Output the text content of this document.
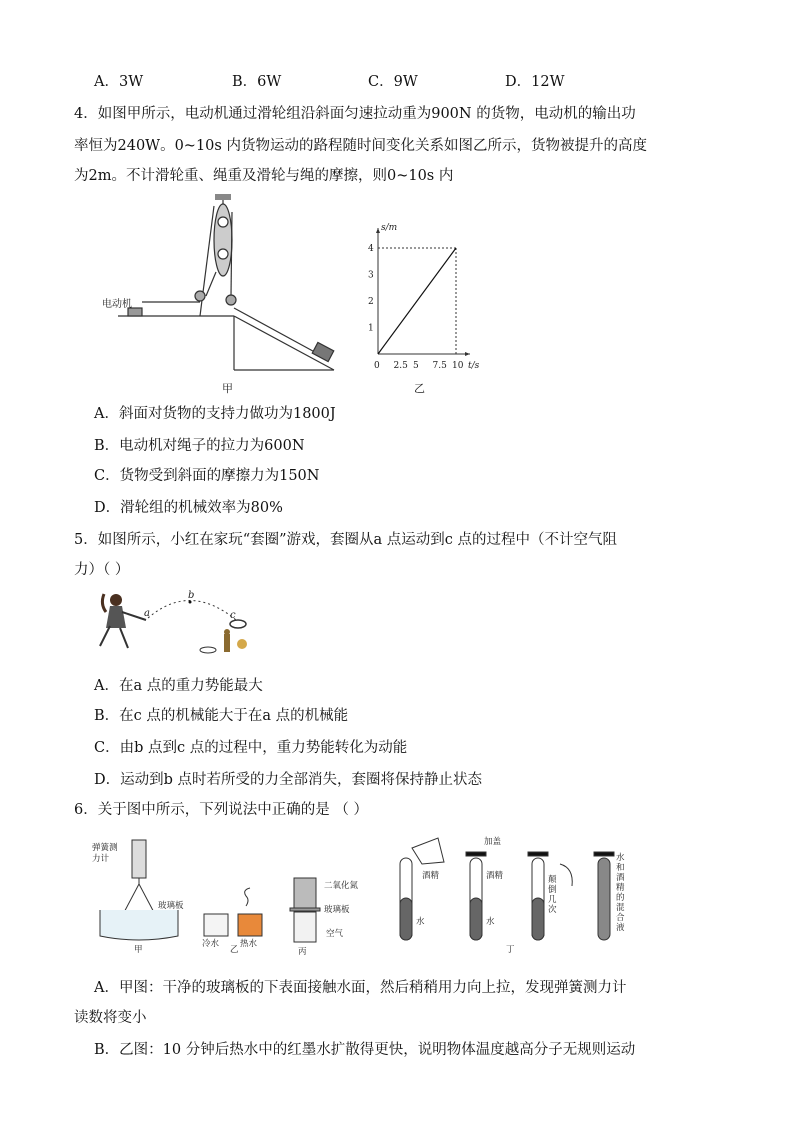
A．3W	B．6W	C．9W	D．12W
4．如图甲所示，电动机通过滑轮组沿斜面匀速拉动重为900N 的货物，电动机的输出功
率恒为240W。0~10s 内货物运动的路程随时间变化关系如图乙所示，货物被提升的高度
为2m。不计滑轮重、绳重及滑轮与绳的摩擦，则0~10s 内
电动机
甲
0 2.5 5 7.5 10
1
2
3
4
s/m
t/s
乙
A．斜面对货物的支持力做功为1800J
B．电动机对绳子的拉力为600N
C．货物受到斜面的摩擦力为150N
D．滑轮组的机械效率为80%
5．如图所示，小红在家玩“套圈”游戏，套圈从a 点运动到c 点的过程中（不计空气阻
力）（ ）
a
b
c
A．在a 点的重力势能最大
B．在c 点的机械能大于在a 点的机械能
C．由b 点到c 点的过程中，重力势能转化为动能
D．运动到b 点时若所受的力全部消失，套圈将保持静止状态
6．关于图中所示，下列说法中正确的是 （ ）
弹簧测
力计
玻璃板
甲
冷水
乙
热水
二氧化氮
玻璃板
空气
丙
酒精
水
加盖
酒精
水
颠
倒
几
次
水
和
酒
精
的
混
合
液
丁
A．甲图：干净的玻璃板的下表面接触水面，然后稍稍用力向上拉，发现弹簧测力计
读数将变小
B．乙图：10 分钟后热水中的红墨水扩散得更快，说明物体温度越高分子无规则运动
